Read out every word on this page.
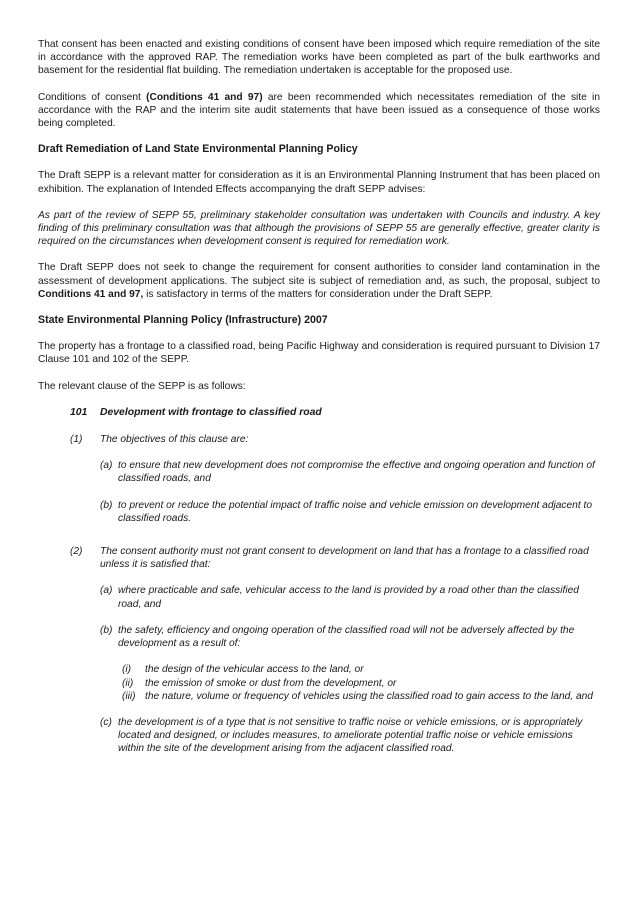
That consent has been enacted and existing conditions of consent have been imposed which require remediation of the site in accordance with the approved RAP. The remediation works have been completed as part of the bulk earthworks and basement for the residential flat building. The remediation undertaken is acceptable for the proposed use.

Conditions of consent (Conditions 41 and 97) are been recommended which necessitates remediation of the site in accordance with the RAP and the interim site audit statements that have been issued as a consequence of those works being completed.

Draft Remediation of Land State Environmental Planning Policy

The Draft SEPP is a relevant matter for consideration as it is an Environmental Planning Instrument that has been placed on exhibition. The explanation of Intended Effects accompanying the draft SEPP advises:

As part of the review of SEPP 55, preliminary stakeholder consultation was undertaken with Councils and industry. A key finding of this preliminary consultation was that although the provisions of SEPP 55 are generally effective, greater clarity is required on the circumstances when development consent is required for remediation work.

The Draft SEPP does not seek to change the requirement for consent authorities to consider land contamination in the assessment of development applications. The subject site is subject of remediation and, as such, the proposal, subject to Conditions 41 and 97, is satisfactory in terms of the matters for consideration under the Draft SEPP.

State Environmental Planning Policy (Infrastructure) 2007

The property has a frontage to a classified road, being Pacific Highway and consideration is required pursuant to Division 17 Clause 101 and 102 of the SEPP.

The relevant clause of the SEPP is as follows:

101 Development with frontage to classified road
(1) The objectives of this clause are:
(a) to ensure that new development does not compromise the effective and ongoing operation and function of classified roads, and
(b) to prevent or reduce the potential impact of traffic noise and vehicle emission on development adjacent to classified roads.
(2) The consent authority must not grant consent to development on land that has a frontage to a classified road unless it is satisfied that:
(a) where practicable and safe, vehicular access to the land is provided by a road other than the classified road, and
(b) the safety, efficiency and ongoing operation of the classified road will not be adversely affected by the development as a result of:
(i) the design of the vehicular access to the land, or
(ii) the emission of smoke or dust from the development, or
(iii) the nature, volume or frequency of vehicles using the classified road to gain access to the land, and
(c) the development is of a type that is not sensitive to traffic noise or vehicle emissions, or is appropriately located and designed, or includes measures, to ameliorate potential traffic noise or vehicle emissions within the site of the development arising from the adjacent classified road.
